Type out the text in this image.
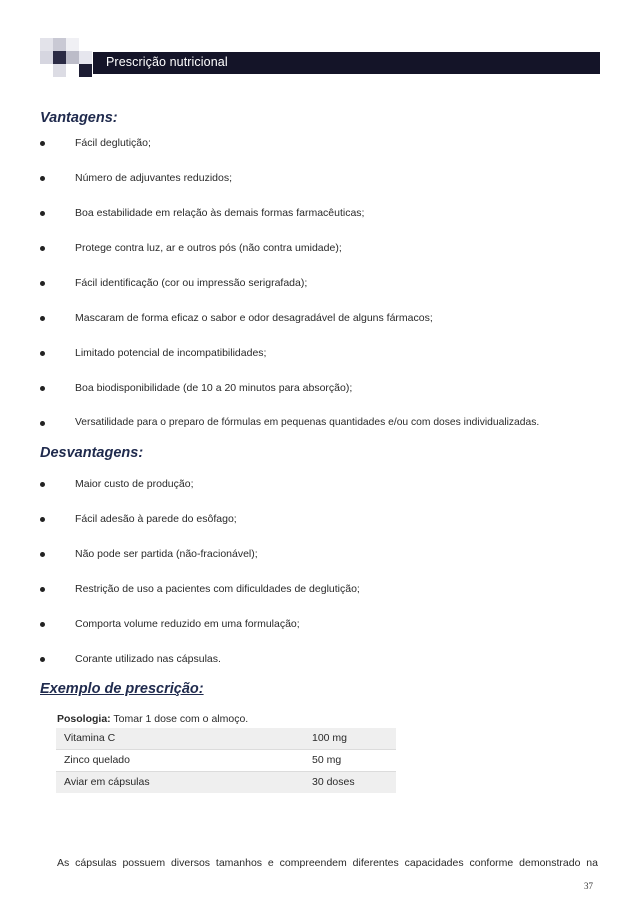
Prescrição nutricional
Vantagens:
Fácil deglutição;
Número de adjuvantes reduzidos;
Boa estabilidade em relação às demais formas farmacêuticas;
Protege contra luz, ar e outros pós (não contra umidade);
Fácil identificação (cor ou impressão serigrafada);
Mascaram de forma eficaz o sabor e odor desagradável de alguns fármacos;
Limitado potencial de incompatibilidades;
Boa biodisponibilidade (de 10 a 20 minutos para absorção);
Versatilidade para o preparo de fórmulas em pequenas quantidades e/ou com doses individualizadas.
Desvantagens:
Maior custo de produção;
Fácil adesão à parede do esôfago;
Não pode ser partida (não-fracionável);
Restrição de uso a pacientes com dificuldades de deglutição;
Comporta volume reduzido em uma formulação;
Corante utilizado nas cápsulas.
Exemplo de prescrição:
Posologia: Tomar 1 dose com o almoço.
Vitamina C	100 mg
Zinco quelado	50 mg
Aviar em cápsulas	30 doses
As cápsulas possuem diversos tamanhos e compreendem diferentes capacidades conforme demonstrado na
37
